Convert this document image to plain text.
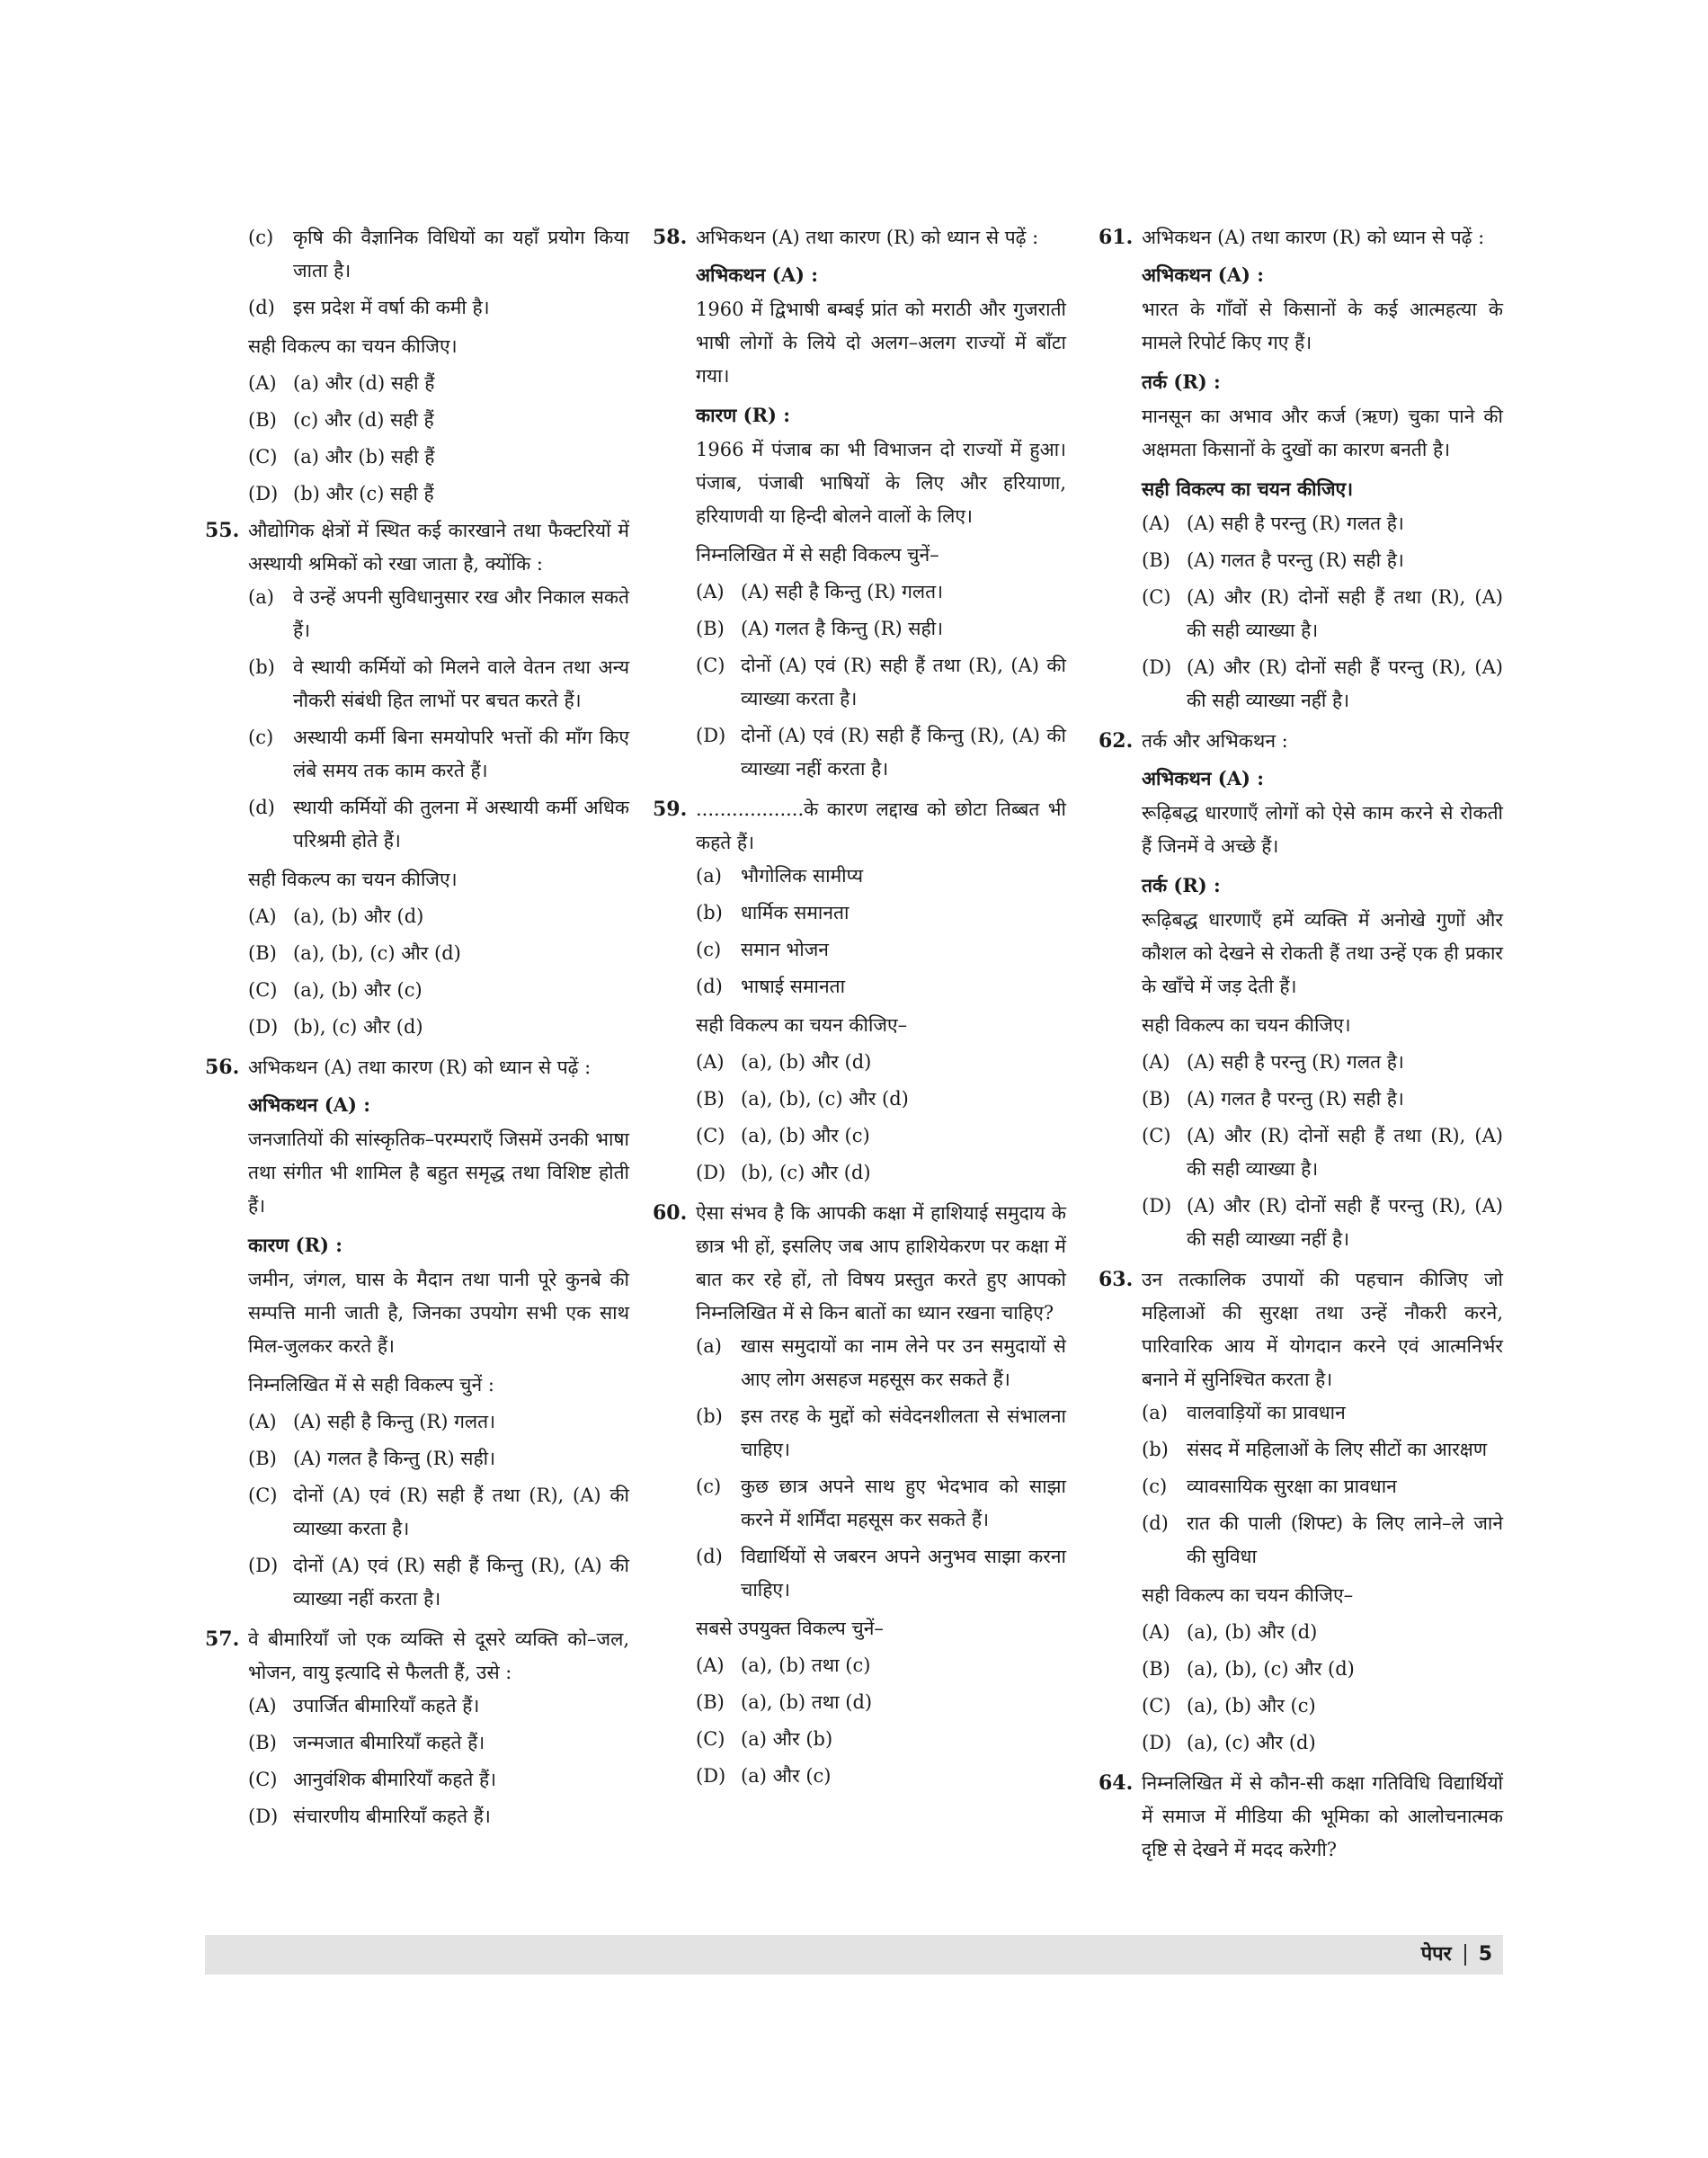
(c)	कृषि की वैज्ञानिक विधियों का यहाँ प्रयोग किया जाता है।
(d) इस प्रदेश में वर्षा की कमी है।
सही विकल्प का चयन कीजिए।
(A) (a) और (d) सही हैं
(B) (c) और (d) सही हैं
(C) (a) और (b) सही हैं
(D) (b) और (c) सही हैं
55. औद्योगिक क्षेत्रों में स्थित कई कारखाने तथा फैक्टरियों में अस्थायी श्रमिकों को रखा जाता है, क्योंकि :
(a)	वे उन्हें अपनी सुविधानुसार रख और निकाल सकते हैं।
(b) वे स्थायी कर्मियों को मिलने वाले वेतन तथा अन्य नौकरी संबंधी हित लाभों पर बचत करते हैं।
(c)	अस्थायी कर्मी बिना समयोपरि भत्तों की माँग किए लंबे समय तक काम करते हैं।
(d) स्थायी कर्मियों की तुलना में अस्थायी कर्मी अधिक परिश्रमी होते हैं।
सही विकल्प का चयन कीजिए।
(A) (a), (b) और (d)
(B) (a), (b), (c) और (d)
(C) (a), (b) और (c)
(D) (b), (c) और (d)
56. अभिकथन (A) तथा कारण (R) को ध्यान से पढ़ें :
अभिकथन (A) :
जनजातियों की सांस्कृतिक–परम्पराएँ जिसमें उनकी भाषा तथा संगीत भी शामिल है बहुत समृद्ध तथा विशिष्ट होती हैं।
कारण (R) :
जमीन, जंगल, घास के मैदान तथा पानी पूरे कुनबे की सम्पत्ति मानी जाती है, जिनका उपयोग सभी एक साथ मिल-जुलकर करते हैं।
निम्नलिखित में से सही विकल्प चुनें :
(A) (A) सही है किन्तु (R) गलत।
(B) (A) गलत है किन्तु (R) सही।
(C) दोनों (A) एवं (R) सही हैं तथा (R), (A) की व्याख्या करता है।
(D) दोनों (A) एवं (R) सही हैं किन्तु (R), (A) की व्याख्या नहीं करता है।
57. वे बीमारियाँ जो एक व्यक्ति से दूसरे व्यक्ति को–जल, भोजन, वायु इत्यादि से फैलती हैं, उसे :
(A) उपार्जित बीमारियाँ कहते हैं।
(B) जन्मजात बीमारियाँ कहते हैं।
(C) आनुवंशिक बीमारियाँ कहते हैं।
(D) संचारणीय बीमारियाँ कहते हैं।
58. अभिकथन (A) तथा कारण (R) को ध्यान से पढ़ें :
अभिकथन (A) :
1960 में द्विभाषी बम्बई प्रांत को मराठी और गुजराती भाषी लोगों के लिये दो अलग–अलग राज्यों में बाँटा गया।
कारण (R) :
1966 में पंजाब का भी विभाजन दो राज्यों में हुआ। पंजाब, पंजाबी भाषियों के लिए और हरियाणा, हरियाणवी या हिन्दी बोलने वालों के लिए।
निम्नलिखित में से सही विकल्प चुनें–
(A) (A) सही है किन्तु (R) गलत।
(B) (A) गलत है किन्तु (R) सही।
(C) दोनों (A) एवं (R) सही हैं तथा (R), (A) की व्याख्या करता है।
(D) दोनों (A) एवं (R) सही हैं किन्तु (R), (A) की व्याख्या नहीं करता है।
59. ..................के कारण लद्दाख को छोटा तिब्बत भी कहते हैं।
(a)	भौगोलिक सामीप्य
(b) धार्मिक समानता
(c)	समान भोजन
(d) भाषाई समानता
सही विकल्प का चयन कीजिए–
(A) (a), (b) और (d)
(B) (a), (b), (c) और (d)
(C) (a), (b) और (c)
(D) (b), (c) और (d)
60. ऐसा संभव है कि आपकी कक्षा में हाशियाई समुदाय के छात्र भी हों, इसलिए जब आप हाशियेकरण पर कक्षा में बात कर रहे हों, तो विषय प्रस्तुत करते हुए आपको निम्नलिखित में से किन बातों का ध्यान रखना चाहिए?
(a)	खास समुदायों का नाम लेने पर उन समुदायों से आए लोग असहज महसूस कर सकते हैं।
(b) इस तरह के मुद्दों को संवेदनशीलता से संभालना चाहिए।
(c)	कुछ छात्र अपने साथ हुए भेदभाव को साझा करने में शर्मिंदा महसूस कर सकते हैं।
(d) विद्यार्थियों से जबरन अपने अनुभव साझा करना चाहिए।
सबसे उपयुक्त विकल्प चुनें–
(A) (a), (b) तथा (c)
(B) (a), (b) तथा (d)
(C) (a) और (b)
(D) (a) और (c)
61. अभिकथन (A) तथा कारण (R) को ध्यान से पढ़ें :
अभिकथन (A) :
भारत के गाँवों से किसानों के कई आत्महत्या के मामले रिपोर्ट किए गए हैं।
तर्क (R) :
मानसून का अभाव और कर्ज (ऋण) चुका पाने की अक्षमता किसानों के दुखों का कारण बनती है।
सही विकल्प का चयन कीजिए।
(A) (A) सही है परन्तु (R) गलत है।
(B) (A) गलत है परन्तु (R) सही है।
(C) (A) और (R) दोनों सही हैं तथा (R), (A) की सही व्याख्या है।
(D) (A) और (R) दोनों सही हैं परन्तु (R), (A) की सही व्याख्या नहीं है।
62. तर्क और अभिकथन :
अभिकथन (A) :
रूढ़िबद्ध धारणाएँ लोगों को ऐसे काम करने से रोकती हैं जिनमें वे अच्छे हैं।
तर्क (R) :
रूढ़िबद्ध धारणाएँ हमें व्यक्ति में अनोखे गुणों और कौशल को देखने से रोकती हैं तथा उन्हें एक ही प्रकार के खाँचे में जड़ देती हैं।
सही विकल्प का चयन कीजिए।
(A) (A) सही है परन्तु (R) गलत है।
(B) (A) गलत है परन्तु (R) सही है।
(C) (A) और (R) दोनों सही हैं तथा (R), (A) की सही व्याख्या है।
(D) (A) और (R) दोनों सही हैं परन्तु (R), (A) की सही व्याख्या नहीं है।
63. उन तत्कालिक उपायों की पहचान कीजिए जो महिलाओं की सुरक्षा तथा उन्हें नौकरी करने, पारिवारिक आय में योगदान करने एवं आत्मनिर्भर बनाने में सुनिश्चित करता है।
(a)	वालवाड़ियों का प्रावधान
(b) संसद में महिलाओं के लिए सीटों का आरक्षण
(c)	व्यावसायिक सुरक्षा का प्रावधान
(d) रात की पाली (शिफ्ट) के लिए लाने–ले जाने की सुविधा
सही विकल्प का चयन कीजिए–
(A) (a), (b) और (d)
(B) (a), (b), (c) और (d)
(C) (a), (b) और (c)
(D) (a), (c) और (d)
64. निम्नलिखित में से कौन-सी कक्षा गतिविधि विद्यार्थियों में समाज में मीडिया की भूमिका को आलोचनात्मक दृष्टि से देखने में मदद करेगी?
पेपर 5
